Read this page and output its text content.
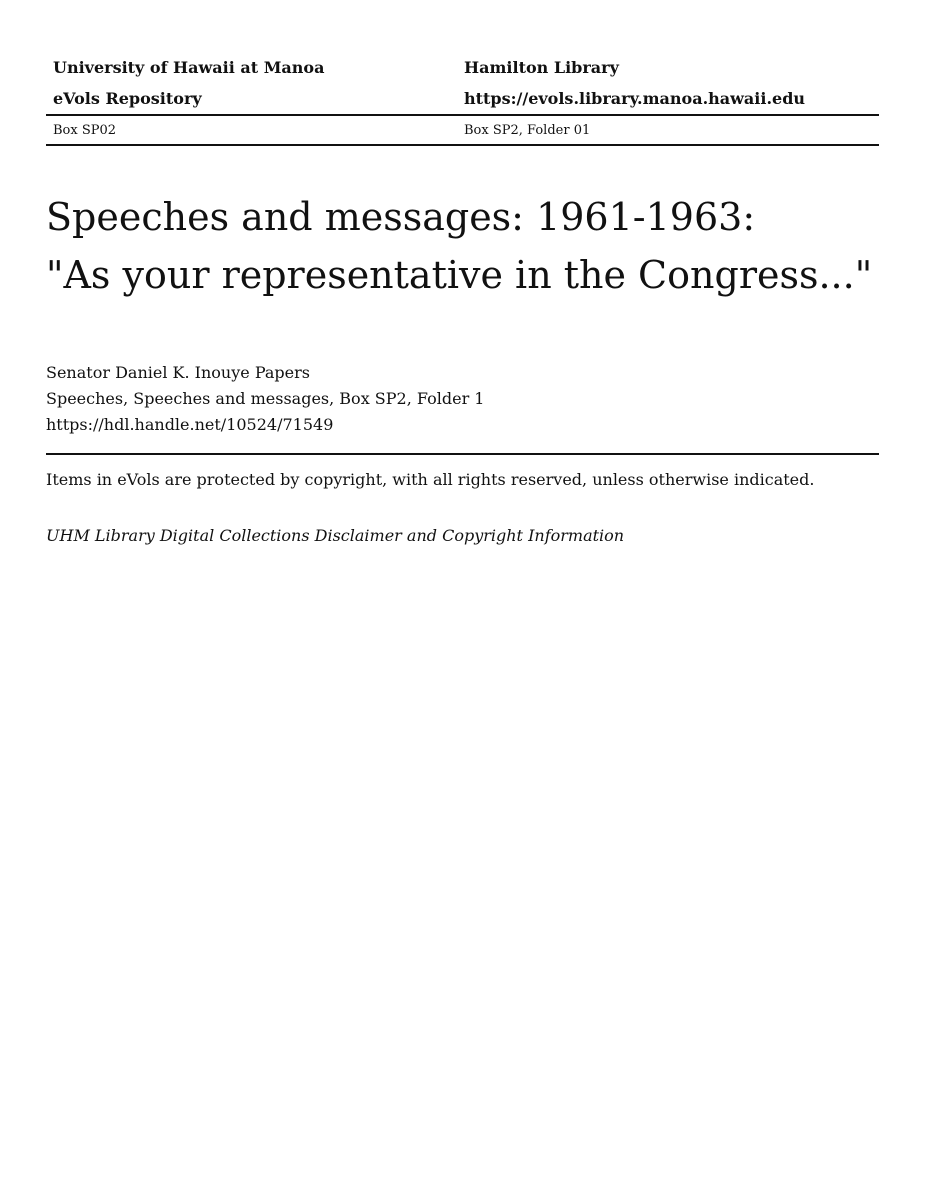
University of Hawaii at Manoa	Hamilton Library
eVols Repository	https://evols.library.manoa.hawaii.edu
Box SP02	Box SP2, Folder 01
Speeches and messages: 1961-1963:
"As your representative in the Congress..."
Senator Daniel K. Inouye Papers
Speeches, Speeches and messages, Box SP2, Folder 1
https://hdl.handle.net/10524/71549
Items in eVols are protected by copyright, with all rights reserved, unless otherwise indicated.
UHM Library Digital Collections Disclaimer and Copyright Information
